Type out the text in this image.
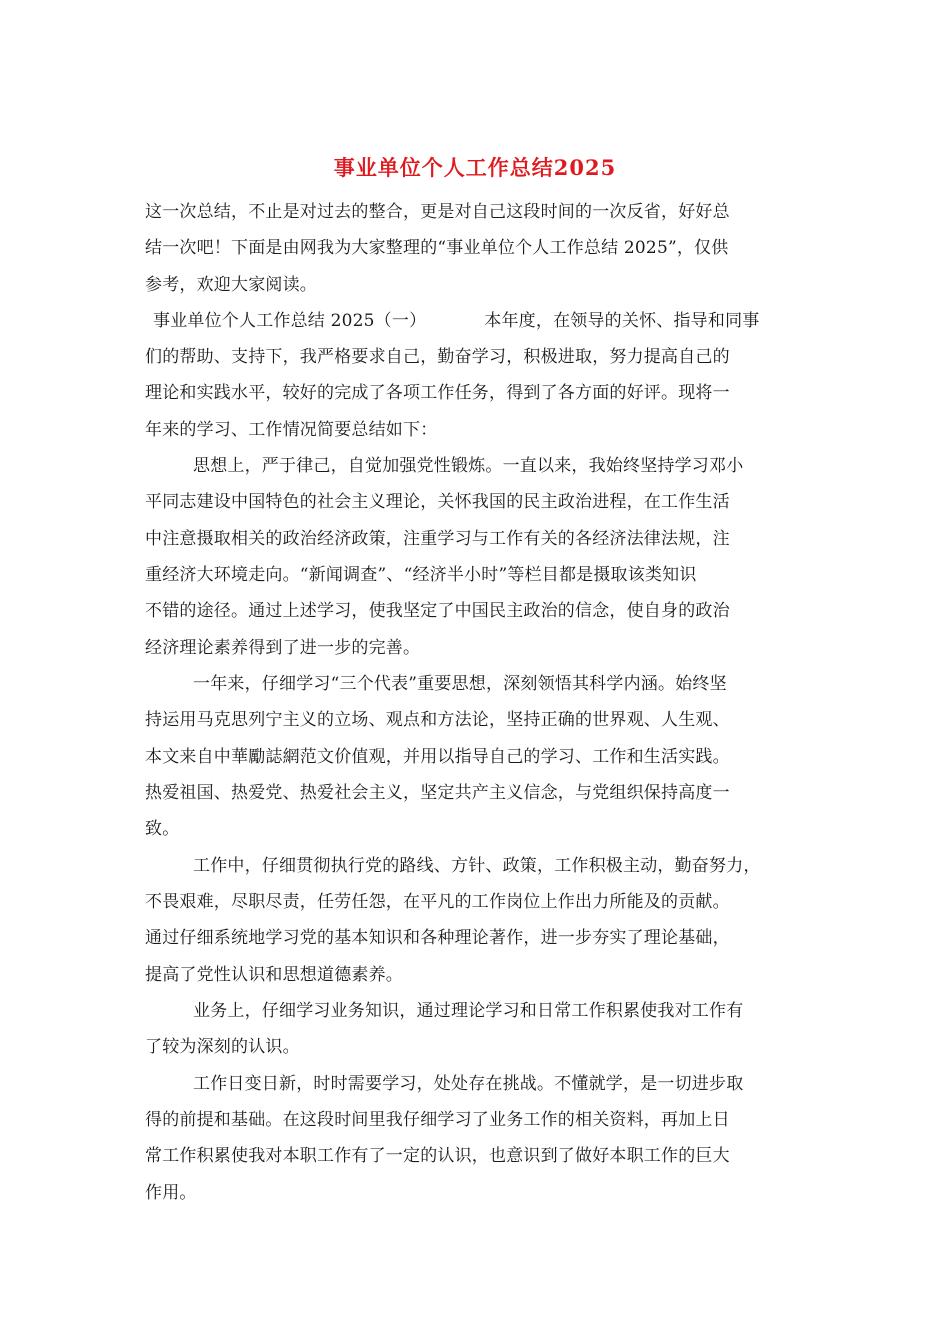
事业单位个人工作总结2025
这一次总结，不止是对过去的整合，更是对自己这段时间的一次反省，好好总
结一次吧！下面是由网我为大家整理的“事业单位个人工作总结 2025”，仅供
参考，欢迎大家阅读。
事业单位个人工作总结 2025（一）	本年度，在领导的关怀、指导和同事
们的帮助、支持下，我严格要求自己，勤奋学习，积极进取，努力提高自己的
理论和实践水平，较好的完成了各项工作任务，得到了各方面的好评。现将一
年来的学习、工作情况简要总结如下：
思想上，严于律己，自觉加强党性锻炼。一直以来，我始终坚持学习邓小
平同志建设中国特色的社会主义理论，关怀我国的民主政治进程，在工作生活
中注意摄取相关的政治经济政策，注重学习与工作有关的各经济法律法规，注
重经济大环境走向。“新闻调查”、“经济半小时”等栏目都是摄取该类知识
不错的途径。通过上述学习，使我坚定了中国民主政治的信念，使自身的政治
经济理论素养得到了进一步的完善。
一年来，仔细学习“三个代表”重要思想，深刻领悟其科学内涵。始终坚
持运用马克思列宁主义的立场、观点和方法论，坚持正确的世界观、人生观、
本文来自中華勵誌網范文价值观，并用以指导自己的学习、工作和生活实践。
热爱祖国、热爱党、热爱社会主义，坚定共产主义信念，与党组织保持高度一
致。
工作中，仔细贯彻执行党的路线、方针、政策，工作积极主动，勤奋努力，
不畏艰难，尽职尽责，任劳任怨，在平凡的工作岗位上作出力所能及的贡献。
通过仔细系统地学习党的基本知识和各种理论著作，进一步夯实了理论基础，
提高了党性认识和思想道德素养。
业务上，仔细学习业务知识，通过理论学习和日常工作积累使我对工作有
了较为深刻的认识。
工作日变日新，时时需要学习，处处存在挑战。不懂就学，是一切进步取
得的前提和基础。在这段时间里我仔细学习了业务工作的相关资料，再加上日
常工作积累使我对本职工作有了一定的认识，也意识到了做好本职工作的巨大
作用。
